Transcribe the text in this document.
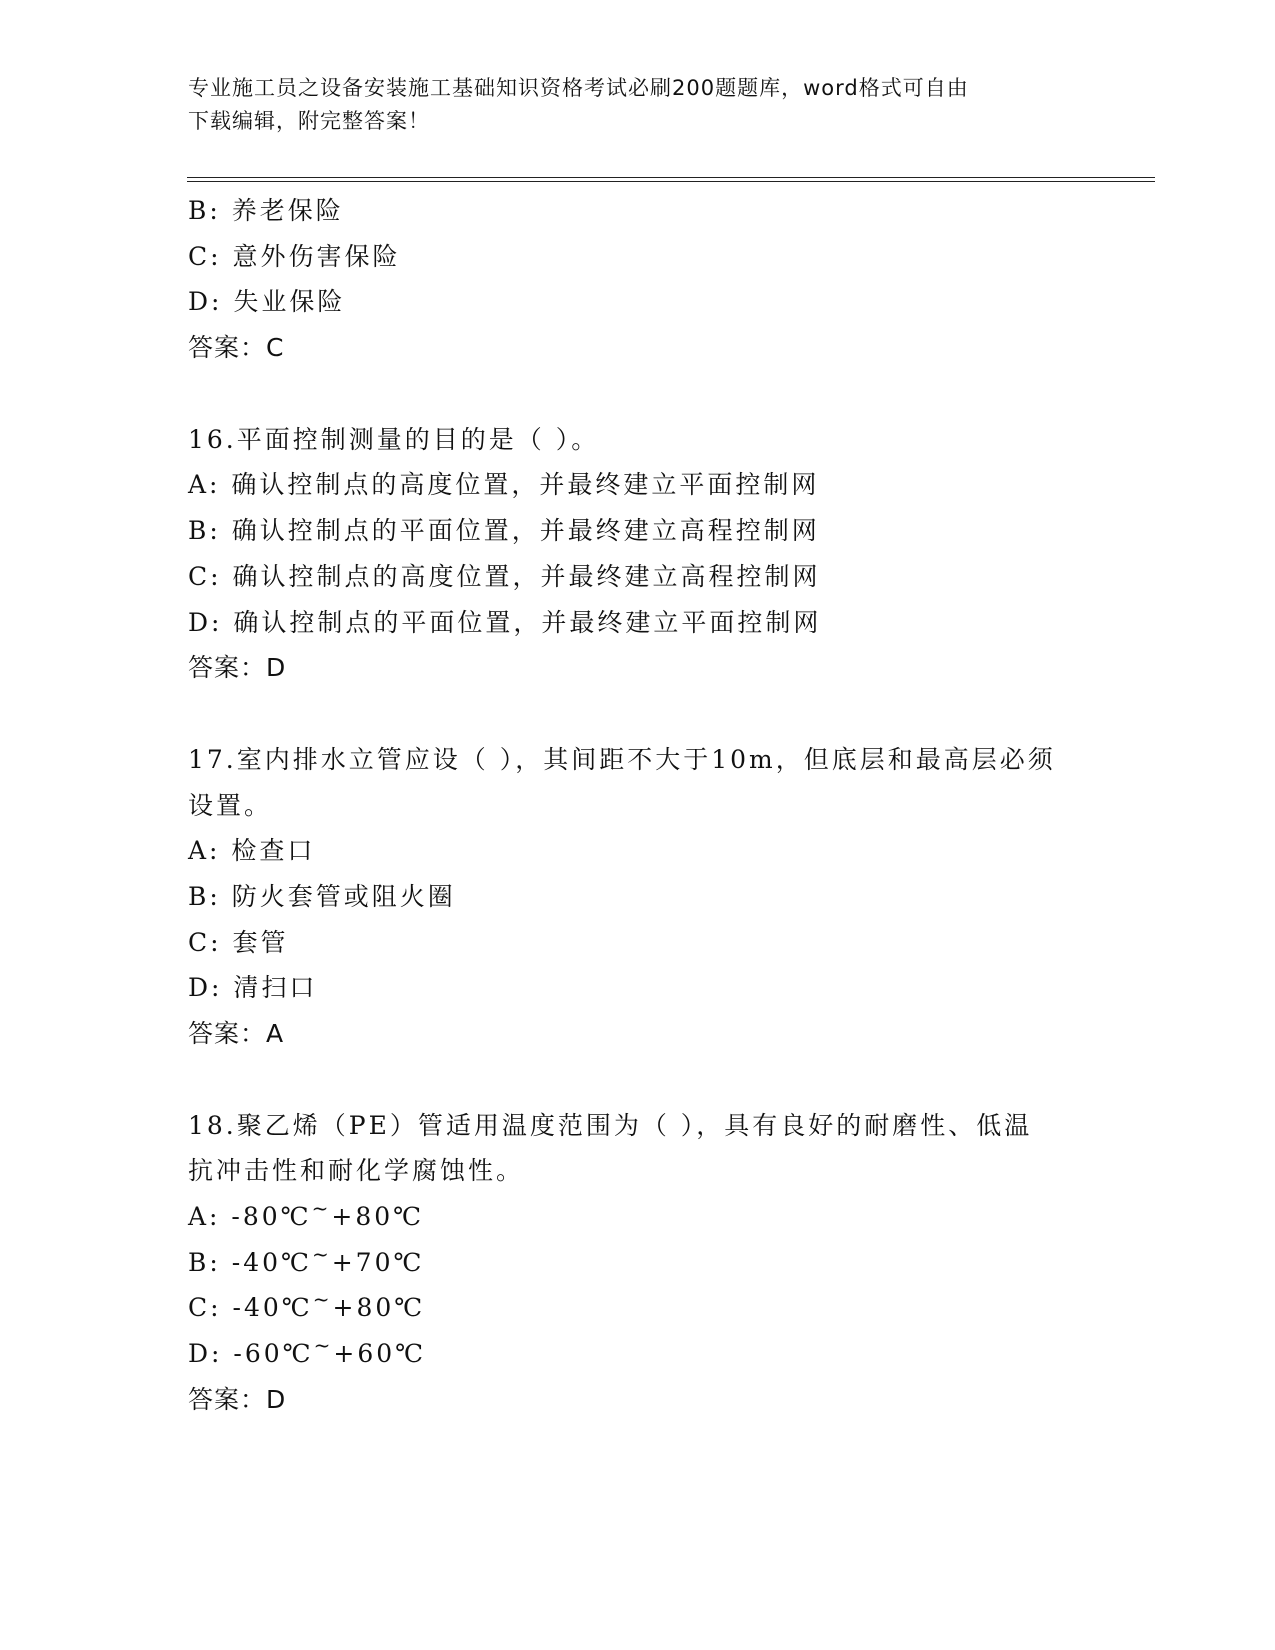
专业施工员之设备安装施工基础知识资格考试必刷200题题库，word格式可自由
下载编辑，附完整答案！
B: 养老保险
C: 意外伤害保险
D: 失业保险
答案：C
16.平面控制测量的目的是（ ）。
A: 确认控制点的高度位置，并最终建立平面控制网
B: 确认控制点的平面位置，并最终建立高程控制网
C: 确认控制点的高度位置，并最终建立高程控制网
D: 确认控制点的平面位置，并最终建立平面控制网
答案：D
17.室内排水立管应设（ ），其间距不大于10m，但底层和最高层必须
设置。
A: 检查口
B: 防火套管或阻火圈
C: 套管
D: 清扫口
答案：A
18.聚乙烯（PE）管适用温度范围为（ ），具有良好的耐磨性、低温
抗冲击性和耐化学腐蚀性。
A: -80℃~+80℃
B: -40℃~+70℃
C: -40℃~+80℃
D: -60℃~+60℃
答案：D
